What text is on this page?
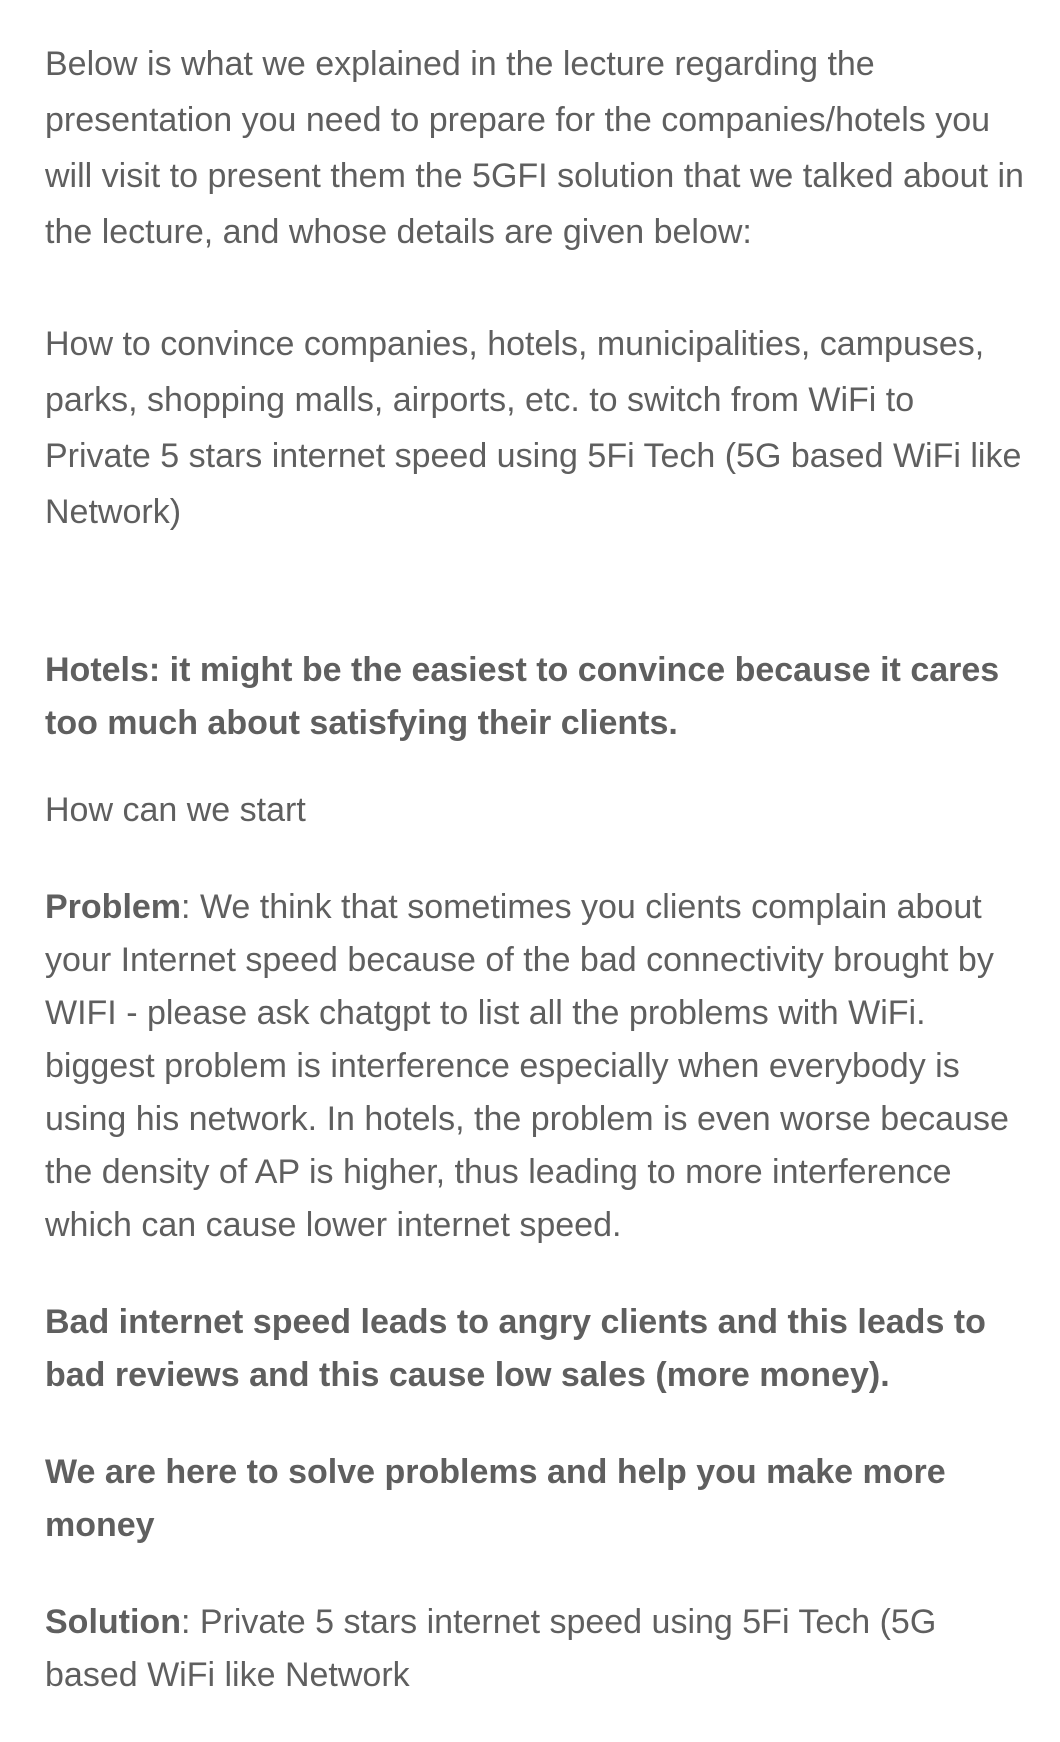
Below is what we explained in the lecture regarding the presentation you need to prepare for the companies/hotels you will visit to present them the 5GFI solution that we talked about in the lecture, and whose details are given below:

How to convince companies, hotels, municipalities, campuses, parks, shopping malls, airports, etc. to switch from WiFi to Private 5 stars internet speed using 5Fi Tech (5G based WiFi like Network)

Hotels: it might be the easiest to convince because it cares too much about satisfying their clients.

How can we start

Problem: We think that sometimes you clients complain about your Internet speed because of the bad connectivity brought by WIFI - please ask chatgpt to list all the problems with WiFi. biggest problem is interference especially when everybody is using his network. In hotels, the problem is even worse because the density of AP is higher, thus leading to more interference which can cause lower internet speed.

Bad internet speed leads to angry clients and this leads to bad reviews and this cause low sales (more money).

We are here to solve problems and help you make more money

Solution: Private 5 stars internet speed using 5Fi Tech (5G based WiFi like Network
